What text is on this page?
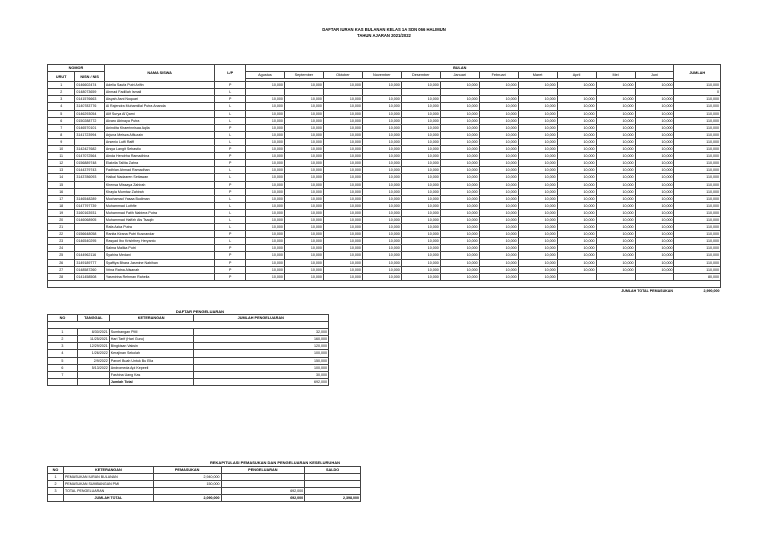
DAFTAR IURAN KAS BULANAN KELAS 1A SDN 066 HALIMUN
TAHUN AJARAN 2021/2022
NOMOR		NAMA SISWA	L/P	BULAN											JUMLAH
URUT	NISN / NIS			Agustus	September	Oktober	November	Desember	Januari	Februari	Maret	April	Mei	Juni	

1	0146602474	Adelia Saufa Putri Arifin	P	10,000	10,000	10,000	10,000	10,000	10,000	10,000	10,000	10,000	10,000	10,000	110,000
2	0148073659	Ahmad Fadillah Ismail	L												0
3	0141576663	Aisyah Asni Noquari	P	10,000	10,000	10,000	10,000	10,000	10,000	10,000	10,000	10,000	10,000	10,000	110,000
4	3140783776	Al Rajendra Muhamillal Putra Ananda	L	10,000	10,000	10,000	10,000	10,000	10,000	10,000	10,000	10,000	10,000	10,000	110,000
5	0146293054	Alif Surya Al'Qarni	L	10,000	10,000	10,000	10,000	10,000	10,000	10,000	10,000	10,000	10,000	10,000	110,000
6	0150288772	Alvaro Abinaya Putra	L	10,000	10,000	10,000	10,000	10,000	10,000	10,000	10,000	10,000	10,000	10,000	110,000
7	0146570101	Anindita Khaerinnisaa Aqila	P	10,000	10,000	10,000	10,000	10,000	10,000	10,000	10,000	10,000	10,000	10,000	110,000
8	3141723994	Arjuna Meisza Alfiuzain	L	10,000	10,000	10,000	10,000	10,000	10,000	10,000	10,000	10,000	10,000	10,000	110,000
9		Arsenio Lutfi Raffi	L	10,000	10,000	10,000	10,000	10,000	10,000	10,000	10,000	10,000	10,000	10,000	110,000
10	3142427682	Arsya Langit Sebastio	P	10,000	10,000	10,000	10,000	10,000	10,000	10,000	10,000	10,000	10,000	10,000	110,000
11	0147072564	Ainda Hendrha Ramadhina	P	10,000	10,000	10,000	10,000	10,000	10,000	10,000	10,000	10,000	10,000	10,000	110,000
12	0156889748	Elakrila Tallita Zahra	P	10,000	10,000	10,000	10,000	10,000	10,000	10,000	10,000	10,000	10,000	10,000	110,000
13	0144379743	Fadhlan Ahmad Ramadhan	L	10,000	10,000	10,000	10,000	10,000	10,000	10,000	10,000	10,000	10,000	10,000	110,000
14	3143786093	Haikal Nadzaren Setiawan	L	10,000	10,000	10,000	10,000	10,000	10,000	10,000	10,000	10,000	10,000	10,000	110,000
15		Khensa Missaya Zahirah	P	10,000	10,000	10,000	10,000	10,000	10,000	10,000	10,000	10,000	10,000	10,000	110,000
16		Khayla Mumtaz Zahirah	P	10,000	10,000	10,000	10,000	10,000	10,000	10,000	10,000	10,000	10,000	10,000	110,000
17	3146548289	Muchamad Yasaa Budiman	L	10,000	10,000	10,000	10,000	10,000	10,000	10,000	10,000	10,000	10,000	10,000	110,000
18	0147797739	Muhammad Luthfie	L	10,000	10,000	10,000	10,000	10,000	10,000	10,000	10,000	10,000	10,000	10,000	110,000
19	3160163931	Muhammad Fatih Nabiera Putra	L	10,000	10,000	10,000	10,000	10,000	10,000	10,000	10,000	10,000	10,000	10,000	110,000
20	0146068905	Muhammad Haffzh Ats Tsaqib	L	10,000	10,000	10,000	10,000	10,000	10,000	10,000	10,000	10,000	10,000	10,000	110,000
21		Rafa Azka Putra	L	10,000	10,000	10,000	10,000	10,000	10,000	10,000	10,000	10,000	10,000	10,000	110,000
22	0156648058	Ranita Kirana Putri Kusnandar	P	10,000	10,000	10,000	10,000	10,000	10,000	10,000	10,000	10,000	10,000	10,000	110,000
23	0146540295	Rasyad Ibo Krishthey Heryanto	L	10,000	10,000	10,000	10,000	10,000	10,000	10,000	10,000	10,000	10,000	10,000	110,000
24		Salma Malika Putri	P	10,000	10,000	10,000	10,000	10,000	10,000	10,000	10,000	10,000	10,000	10,000	110,000
25	0144962116	Syahira Medani	P	10,000	10,000	10,000	10,000	10,000	10,000	10,000	10,000	10,000	10,000	10,000	110,000
26	3149189777	Syaffiya Bhara Jasmine Nabihan	P	10,000	10,000	10,000	10,000	10,000	10,000	10,000	10,000	10,000	10,000	10,000	110,000
27	0148587260	Vrina Ratna Alisanah	P	10,000	10,000	10,000	10,000	10,000	10,000	10,000	10,000	10,000	10,000	10,000	110,000
28	0141458508	Yasmirina Rehman Rahelia	P	10,000	10,000	10,000	10,000	10,000	10,000	10,000	10,000				80,000

												JUMLAH TOTAL PEMASUKAN			2,990,000
DAFTAR PENGELUARAN
NO	TANGGAL	KETERANGAN	JUMLAH PENGELUARAN

1	8/30/2021	Sumbangan PMI	32,000
2	11/25/2021	Hari Tarif (Hari Guru)	160,000
3	12/29/2021	Bingkisan Vaksin	120,000
4	1/26/2022	Kerajinan Sekolah	100,000
5	2/9/2022	Parcel Buah Untuk Bu Ella	150,000
6	5/13/2022	Andromeda Api Kepeeli	100,000
7		Fashina Uang Kas	30,000
		Jumlah Total	692,000
REKAPITULASI PEMASUKAN DAN PENGELUARAN KESELURUHAN
NO	KETERANGAN	PEMASUKAN	PENGELUARAN	SALDO
1	PEMASUKAN IURAN BULANAN	2,940,000		
2	PEMASUKAN SUMBANGAN PMI	150,000		
3	TOTAL PENGELUARAN		692,000	
	JUMLAH TOTAL	2,090,000	692,000	2,398,000
